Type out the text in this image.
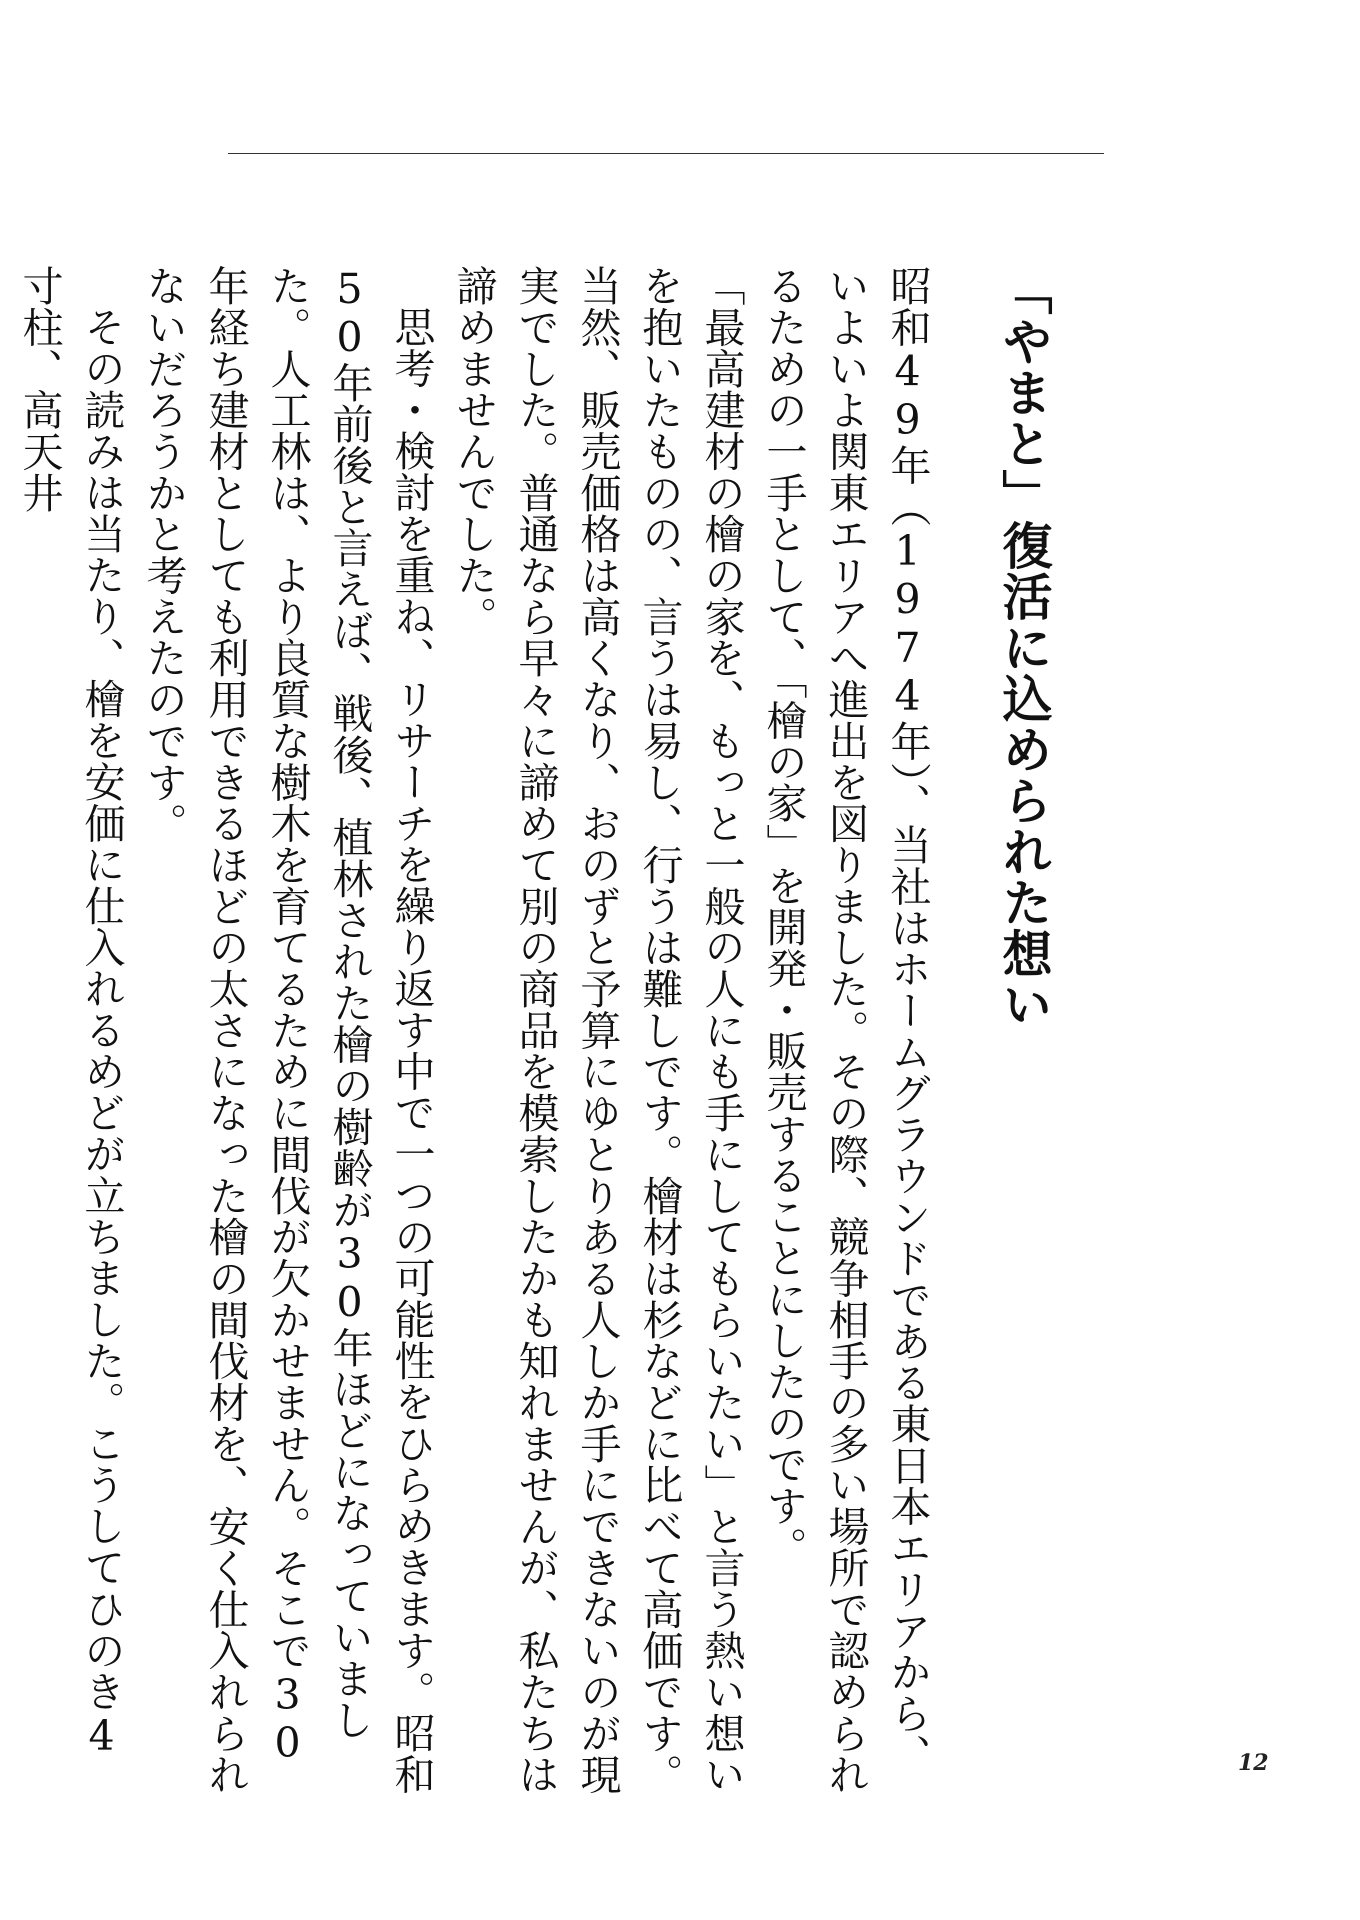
「やまと」復活に込められた想い

昭和49年（1974年）、当社はホームグラウンドである東日本エリアから、いよいよ関東エリアへ進出を図りました。その際、競争相手の多い場所で認められるための一手として、「檜の家」を開発・販売することにしたのです。

「最高建材の檜の家を、もっと一般の人にも手にしてもらいたい」と言う熱い想いを抱いたものの、言うは易し、行うは難しです。檜材は杉などに比べて高価です。当然、販売価格は高くなり、おのずと予算にゆとりある人しか手にできないのが現実でした。普通なら早々に諦めて別の商品を模索したかも知れませんが、私たちは諦めませんでした。

思考・検討を重ね、リサーチを繰り返す中で一つの可能性をひらめきます。昭和50年前後と言えば、戦後、植林された檜の樹齢が30年ほどになっていました。人工林は、より良質な樹木を育てるために間伐が欠かせません。そこで30年経ち建材としても利用できるほどの太さになった檜の間伐材を、安く仕入れられないだろうかと考えたのです。

その読みは当たり、檜を安価に仕入れるめどが立ちました。こうしてひのき4寸柱、高天井

12
